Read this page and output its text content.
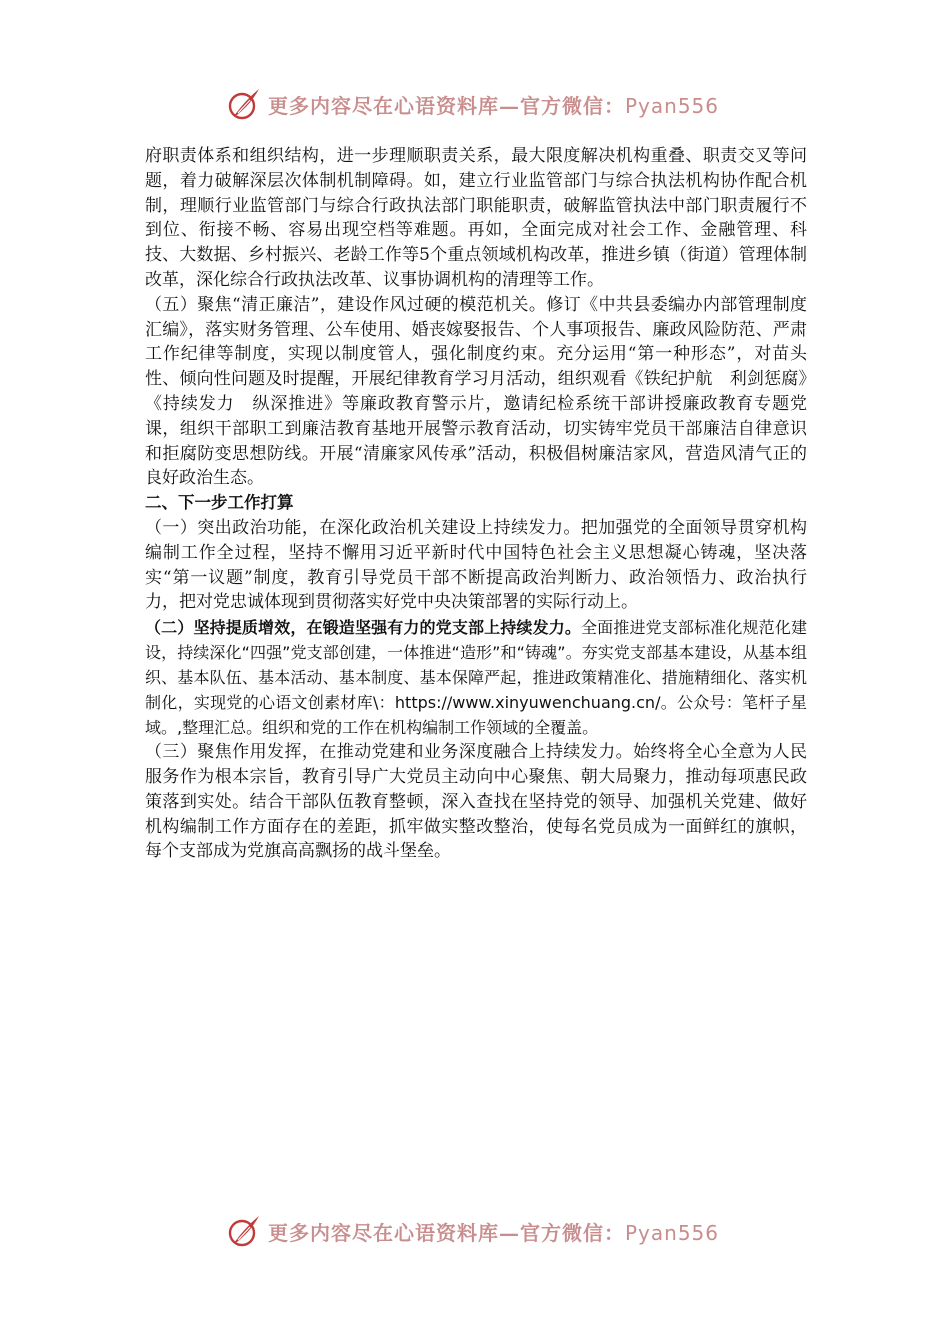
更多内容尽在心语资料库—官方微信：Pyan556

府职责体系和组织结构，进一步理顺职责关系，最大限度解决机构重叠、职责交叉等问题，着力破解深层次体制机制障碍。如，建立行业监管部门与综合执法机构协作配合机制，理顺行业监管部门与综合行政执法部门职能职责，破解监管执法中部门职责履行不到位、衔接不畅、容易出现空档等难题。再如，全面完成对社会工作、金融管理、科技、大数据、乡村振兴、老龄工作等5个重点领域机构改革，推进乡镇（街道）管理体制改革，深化综合行政执法改革、议事协调机构的清理等工作。

（五）聚焦“清正廉洁”，建设作风过硬的模范机关。修订《中共县委编办内部管理制度汇编》，落实财务管理、公车使用、婚丧嫁娶报告、个人事项报告、廉政风险防范、严肃工作纪律等制度，实现以制度管人，强化制度约束。充分运用“第一种形态”，对苗头性、倾向性问题及时提醒，开展纪律教育学习月活动，组织观看《铁纪护航　利剑惩腐》《持续发力　纵深推进》等廉政教育警示片，邀请纪检系统干部讲授廉政教育专题党课，组织干部职工到廉洁教育基地开展警示教育活动，切实铸牢党员干部廉洁自律意识和拒腐防变思想防线。开展“清廉家风传承”活动，积极倡树廉洁家风，营造风清气正的良好政治生态。

二、下一步工作打算

（一）突出政治功能，在深化政治机关建设上持续发力。把加强党的全面领导贯穿机构编制工作全过程，坚持不懈用习近平新时代中国特色社会主义思想凝心铸魂，坚决落实“第一议题”制度，教育引导党员干部不断提高政治判断力、政治领悟力、政治执行力，把对党忠诚体现到贯彻落实好党中央决策部署的实际行动上。

（二）坚持提质增效，在锻造坚强有力的党支部上持续发力。全面推进党支部标准化规范化建设，持续深化“四强”党支部创建，一体推进“造形”和“铸魂”。夯实党支部基本建设，从基本组织、基本队伍、基本活动、基本制度、基本保障严起，推进政策精准化、措施精细化、落实机制化，实现党的心语文创素材库\：https://www.xinyuwenchuang.cn/。公众号：笔杆子星域。,整理汇总。组织和党的工作在机构编制工作领域的全覆盖。

（三）聚焦作用发挥，在推动党建和业务深度融合上持续发力。始终将全心全意为人民服务作为根本宗旨，教育引导广大党员主动向中心聚焦、朝大局聚力，推动每项惠民政策落到实处。结合干部队伍教育整顿，深入查找在坚持党的领导、加强机关党建、做好机构编制工作方面存在的差距，抓牢做实整改整治，使每名党员成为一面鲜红的旗帜，每个支部成为党旗高高飘扬的战斗堡垒。

更多内容尽在心语资料库—官方微信：Pyan556
